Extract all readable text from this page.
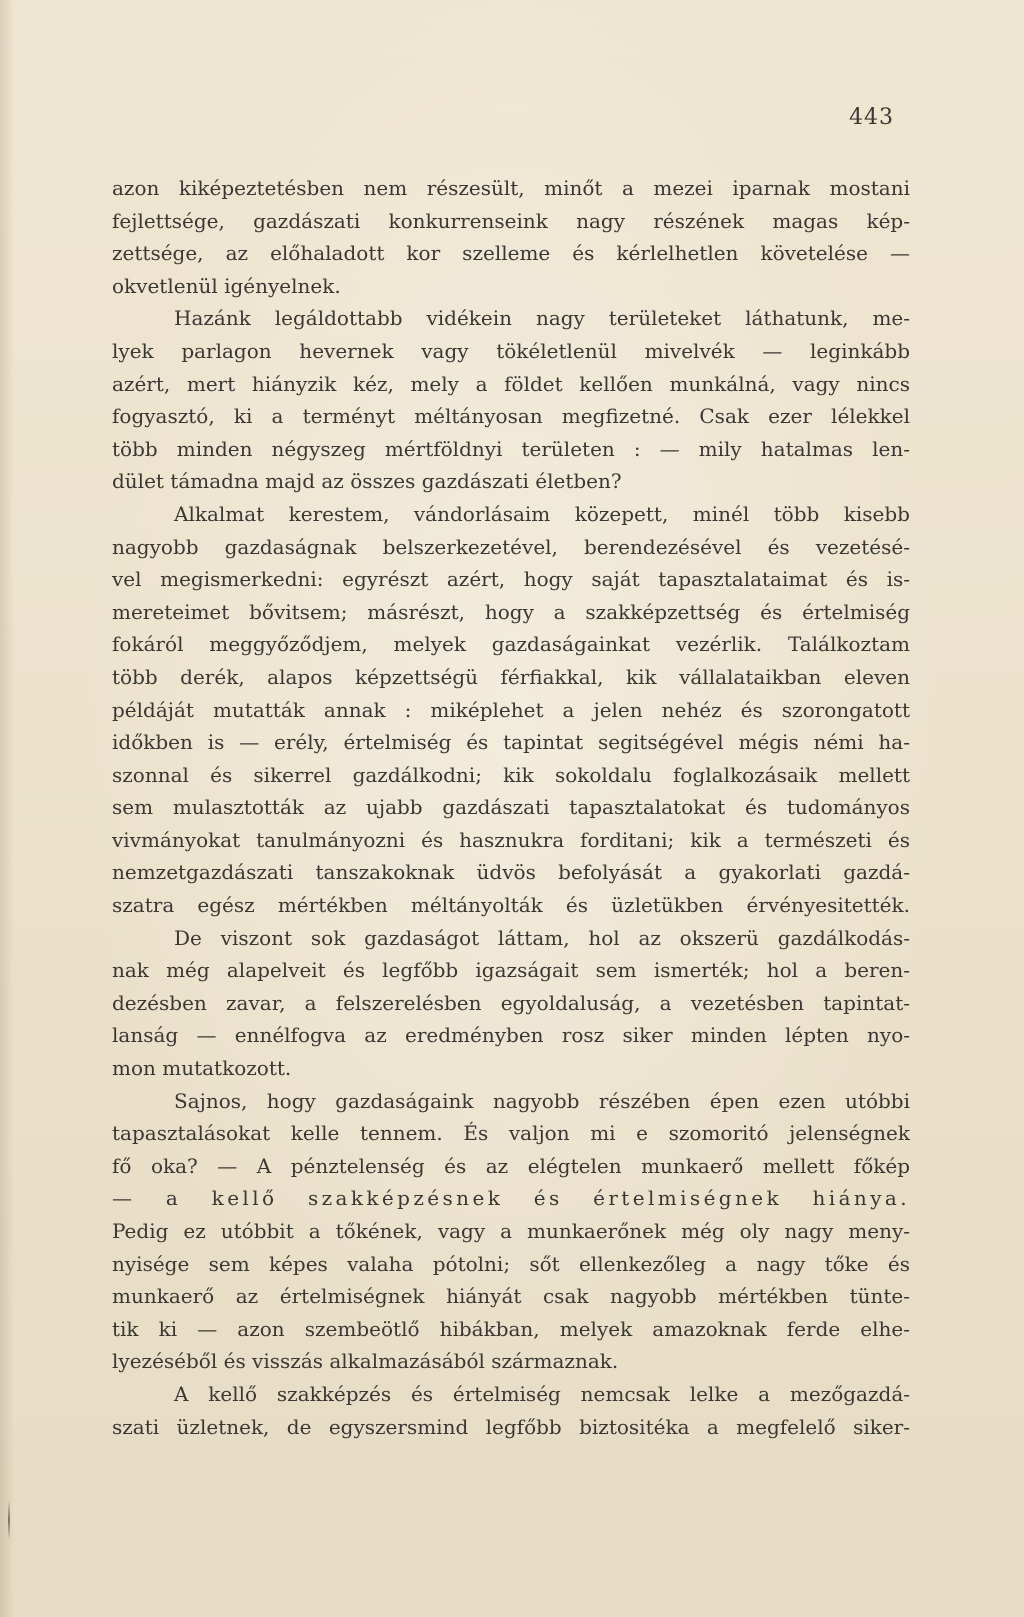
443
azon kiképeztetésben nem részesült, minőt a mezei iparnak mostani
fejlettsége, gazdászati konkurrenseink nagy részének magas kép-
zettsége, az előhaladott kor szelleme és kérlelhetlen követelése —
okvetlenül igényelnek.
Hazánk legáldottabb vidékein nagy területeket láthatunk, me-
lyek parlagon hevernek vagy tökéletlenül mivelvék — leginkább
azért, mert hiányzik kéz, mely a földet kellően munkálná, vagy nincs
fogyasztó, ki a terményt méltányosan megfizetné. Csak ezer lélekkel
több minden négyszeg mértföldnyi területen : — mily hatalmas len-
dület támadna majd az összes gazdászati életben?
Alkalmat kerestem, vándorlásaim közepett, minél több kisebb
nagyobb gazdaságnak belszerkezetével, berendezésével és vezetésé-
vel megismerkedni: egyrészt azért, hogy saját tapasztalataimat és is-
mereteimet bővitsem; másrészt, hogy a szakképzettség és értelmiség
fokáról meggyőződjem, melyek gazdaságainkat vezérlik. Találkoztam
több derék, alapos képzettségü férfiakkal, kik vállalataikban eleven
példáját mutatták annak : miképlehet a jelen nehéz és szorongatott
időkben is — erély, értelmiség és tapintat segitségével mégis némi ha-
szonnal és sikerrel gazdálkodni; kik sokoldalu foglalkozásaik mellett
sem mulasztották az ujabb gazdászati tapasztalatokat és tudományos
vivmányokat tanulmányozni és hasznukra forditani; kik a természeti és
nemzetgazdászati tanszakoknak üdvös befolyását a gyakorlati gazdá-
szatra egész mértékben méltányolták és üzletükben érvényesitették.
De viszont sok gazdaságot láttam, hol az okszerü gazdálkodás-
nak még alapelveit és legfőbb igazságait sem ismerték; hol a beren-
dezésben zavar, a felszerelésben egyoldaluság, a vezetésben tapintat-
lanság — ennélfogva az eredményben rosz siker minden lépten nyo-
mon mutatkozott.
Sajnos, hogy gazdaságaink nagyobb részében épen ezen utóbbi
tapasztalásokat kelle tennem. És valjon mi e szomoritó jelenségnek
fő oka? — A pénztelenség és az elégtelen munkaerő mellett főkép
— a kellő szakképzésnek és értelmiségnek hiánya.
Pedig ez utóbbit a tőkének, vagy a munkaerőnek még oly nagy meny-
nyisége sem képes valaha pótolni; sőt ellenkezőleg a nagy tőke és
munkaerő az értelmiségnek hiányát csak nagyobb mértékben tünte-
tik ki — azon szembeötlő hibákban, melyek amazoknak ferde elhe-
lyezéséből és visszás alkalmazásából származnak.
A kellő szakképzés és értelmiség nemcsak lelke a mezőgazdá-
szati üzletnek, de egyszersmind legfőbb biztositéka a megfelelő siker-
